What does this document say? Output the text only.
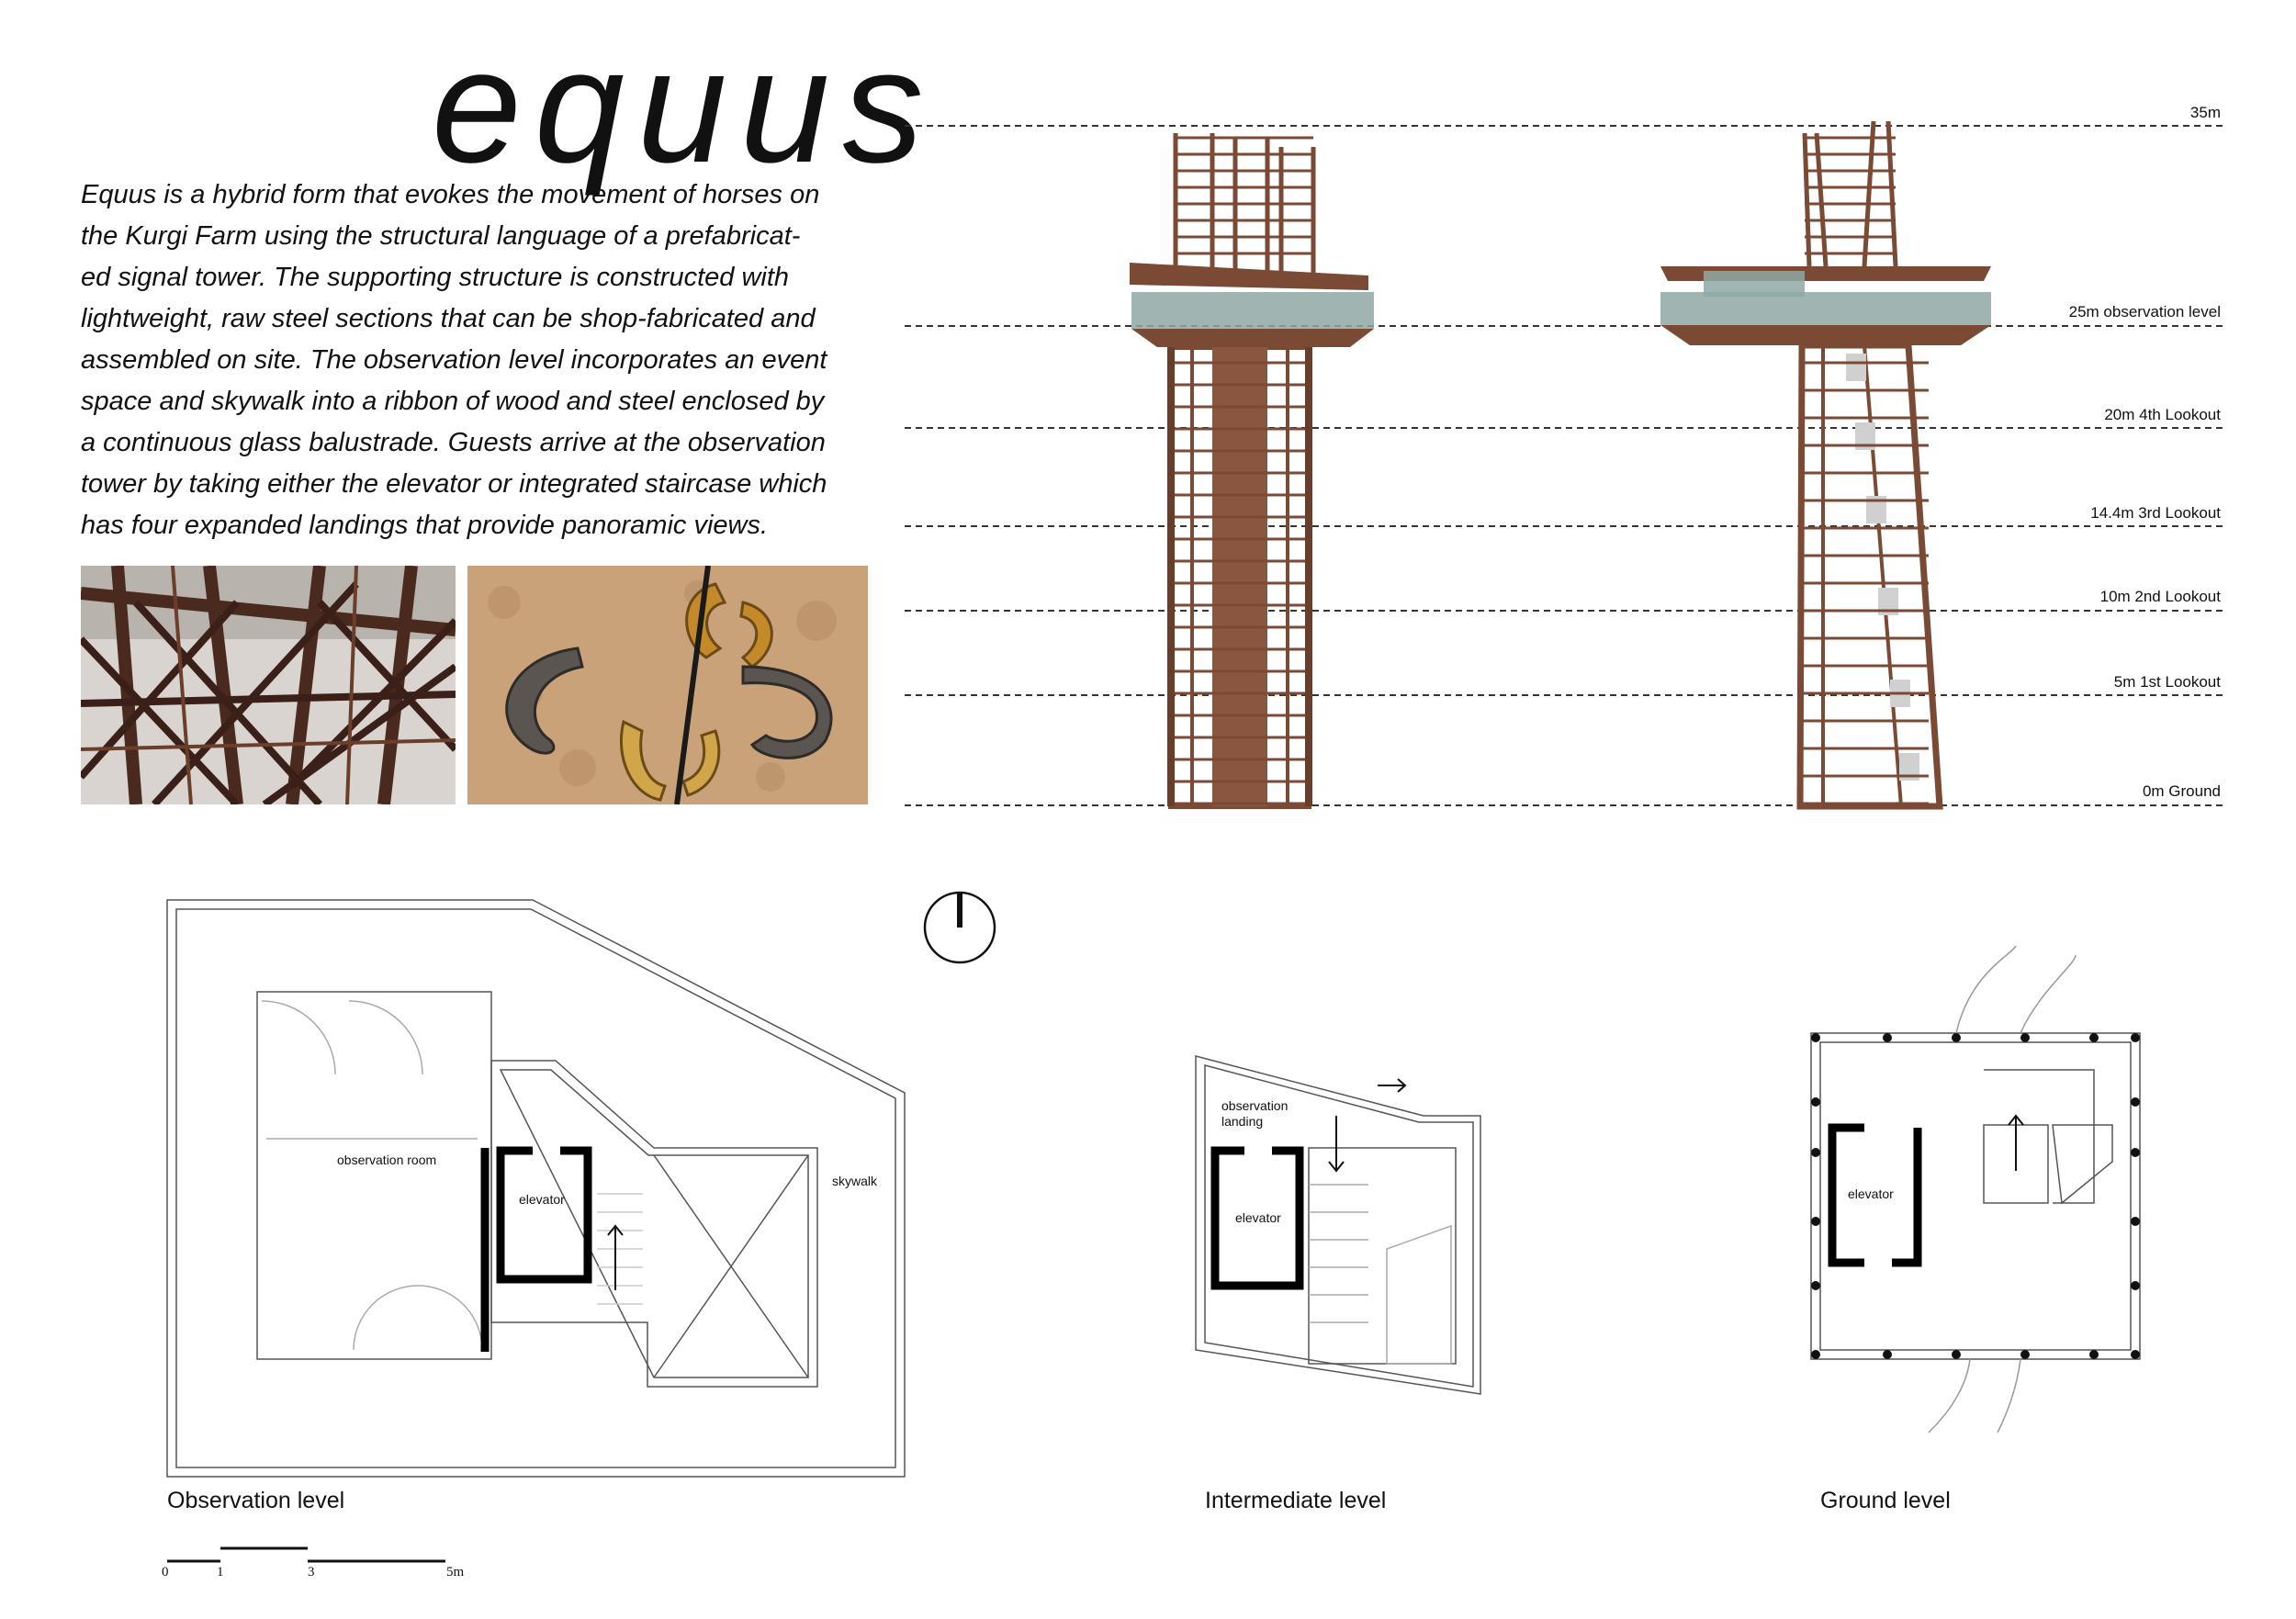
equus
Equus is a hybrid form that evokes the movement of horses on
the Kurgi Farm using the structural language of a prefabricat-
ed signal tower. The supporting structure is constructed with
lightweight, raw steel sections that can be shop-fabricated and
assembled on site. The observation level incorporates an event
space and skywalk into a ribbon of wood and steel enclosed by
a continuous glass balustrade. Guests arrive at the observation
tower by taking either the elevator or integrated staircase which
has four expanded landings that provide panoramic views.
35m
25m observation level
20m 4th Lookout
14.4m 3rd Lookout
10m 2nd Lookout
5m 1st Lookout
0m Ground
observation room
elevator
skywalk
observation
landing
elevator
elevator
Observation level	Intermediate level	Ground level
0	1	3	5m
